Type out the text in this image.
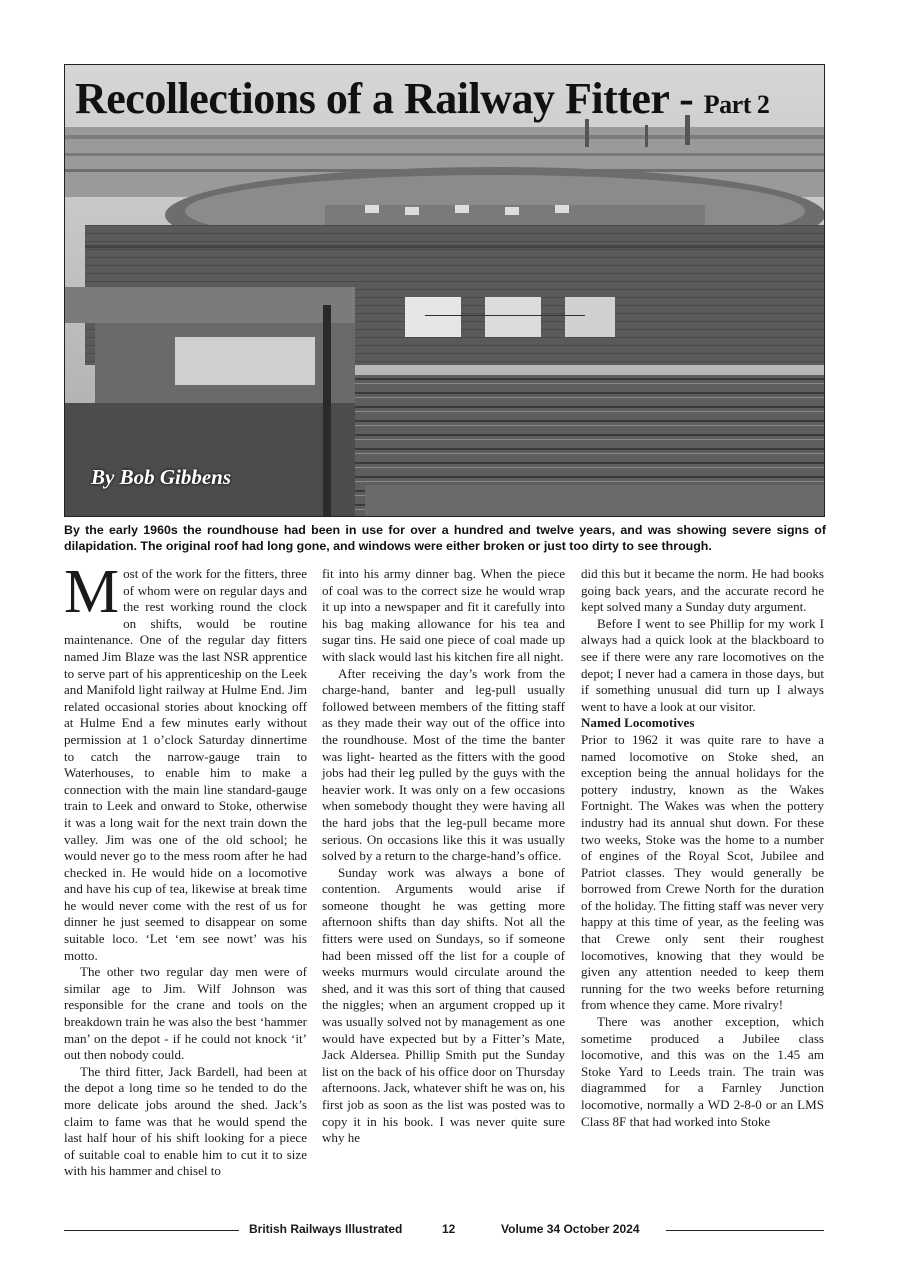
Recollections of a Railway Fitter - Part 2
By Bob Gibbens
By the early 1960s the roundhouse had been in use for over a hundred and twelve years, and was showing severe signs of dilapidation. The original roof had long gone, and windows were either broken or just too dirty to see through.

Most of the work for the fitters, three of whom were on regular days and the rest working round the clock on shifts, would be routine maintenance. One of the regular day fitters named Jim Blaze was the last NSR apprentice to serve part of his apprenticeship on the Leek and Manifold light railway at Hulme End. Jim related occasional stories about knocking off at Hulme End a few minutes early without permission at 1 o’clock Saturday dinnertime to catch the narrow-gauge train to Waterhouses, to enable him to make a connection with the main line standard-gauge train to Leek and onward to Stoke, otherwise it was a long wait for the next train down the valley. Jim was one of the old school; he would never go to the mess room after he had checked in. He would hide on a locomotive and have his cup of tea, likewise at break time he would never come with the rest of us for dinner he just seemed to disappear on some suitable loco. ‘Let ‘em see nowt’ was his motto.

The other two regular day men were of similar age to Jim. Wilf Johnson was responsible for the crane and tools on the breakdown train he was also the best ‘hammer man’ on the depot - if he could not knock ‘it’ out then nobody could.

The third fitter, Jack Bardell, had been at the depot a long time so he tended to do the more delicate jobs around the shed. Jack’s claim to fame was that he would spend the last half hour of his shift looking for a piece of suitable coal to enable him to cut it to size with his hammer and chisel to

fit into his army dinner bag. When the piece of coal was to the correct size he would wrap it up into a newspaper and fit it carefully into his bag making allowance for his tea and sugar tins. He said one piece of coal made up with slack would last his kitchen fire all night.

After receiving the day’s work from the charge-hand, banter and leg-pull usually followed between members of the fitting staff as they made their way out of the office into the roundhouse. Most of the time the banter was light- hearted as the fitters with the good jobs had their leg pulled by the guys with the heavier work. It was only on a few occasions when somebody thought they were having all the hard jobs that the leg-pull became more serious. On occasions like this it was usually solved by a return to the charge-hand’s office.

Sunday work was always a bone of contention. Arguments would arise if someone thought he was getting more afternoon shifts than day shifts. Not all the fitters were used on Sundays, so if someone had been missed off the list for a couple of weeks murmurs would circulate around the shed, and it was this sort of thing that caused the niggles; when an argument cropped up it was usually solved not by management as one would have expected but by a Fitter’s Mate, Jack Aldersea. Phillip Smith put the Sunday list on the back of his office door on Thursday afternoons. Jack, whatever shift he was on, his first job as soon as the list was posted was to copy it in his book. I was never quite sure why he

did this but it became the norm. He had books going back years, and the accurate record he kept solved many a Sunday duty argument.

Before I went to see Phillip for my work I always had a quick look at the blackboard to see if there were any rare locomotives on the depot; I never had a camera in those days, but if something unusual did turn up I always went to have a look at our visitor.

Named Locomotives

Prior to 1962 it was quite rare to have a named locomotive on Stoke shed, an exception being the annual holidays for the pottery industry, known as the Wakes Fortnight. The Wakes was when the pottery industry had its annual shut down. For these two weeks, Stoke was the home to a number of engines of the Royal Scot, Jubilee and Patriot classes. They would generally be borrowed from Crewe North for the duration of the holiday. The fitting staff was never very happy at this time of year, as the feeling was that Crewe only sent their roughest locomotives, knowing that they would be given any attention needed to keep them running for the two weeks before returning from whence they came. More rivalry!

There was another exception, which sometime produced a Jubilee class locomotive, and this was on the 1.45 am Stoke Yard to Leeds train. The train was diagrammed for a Farnley Junction locomotive, normally a WD 2-8-0 or an LMS Class 8F that had worked into Stoke

British Railways Illustrated	12	Volume 34 October 2024
